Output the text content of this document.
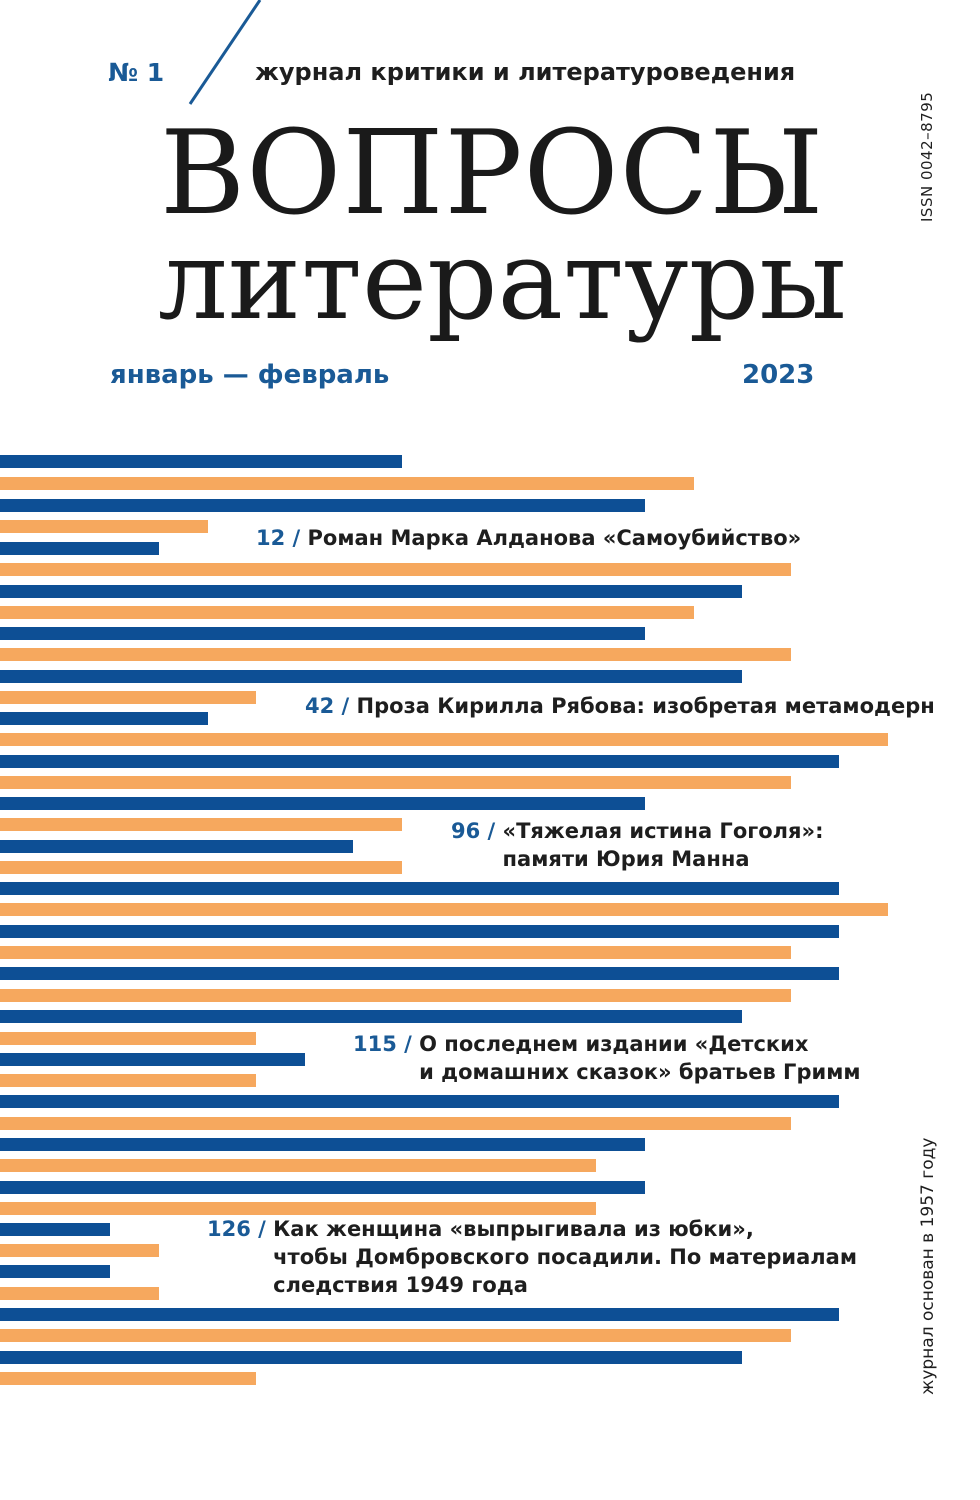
№ 1	журнал критики и литературоведения
ВОПРОСЫ
литературы
январь — февраль	2023
ISSN 0042–8795
журнал основан в 1957 году
12 / Роман Марка Алданова «Самоубийство»
42 / Проза Кирилла Рябова: изобретая метамодерн
96 / «Тяжелая истина Гоголя»:
памяти Юрия Манна
115 / О последнем издании «Детских
и домашних сказок» братьев Гримм
126 / Как женщина «выпрыгивала из юбки»,
чтобы Домбровского посадили. По материалам
следствия 1949 года
